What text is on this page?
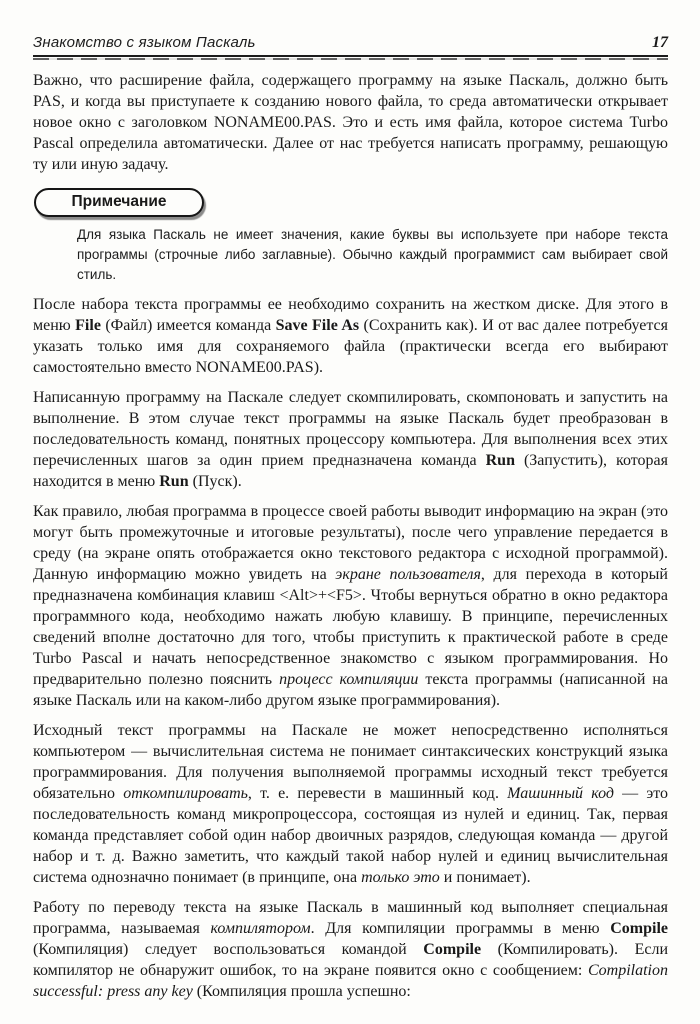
Знакомство с языком Паскаль	17

Важно, что расширение файла, содержащего программу на языке Паскаль, должно быть PAS, и когда вы приступаете к созданию нового файла, то среда автоматически открывает новое окно с заголовком NONAME00.PAS. Это и есть имя файла, которое система Turbo Pascal определила автоматически. Далее от нас требуется написать программу, решающую ту или иную задачу.

Примечание

Для языка Паскаль не имеет значения, какие буквы вы используете при наборе текста программы (строчные либо заглавные). Обычно каждый программист сам выбирает свой стиль.

После набора текста программы ее необходимо сохранить на жестком диске. Для этого в меню File (Файл) имеется команда Save File As (Сохранить как). И от вас далее потребуется указать только имя для сохраняемого файла (практически всегда его выбирают самостоятельно вместо NONAME00.PAS).

Написанную программу на Паскале следует скомпилировать, скомпоновать и запустить на выполнение. В этом случае текст программы на языке Паскаль будет преобразован в последовательность команд, понятных процессору компьютера. Для выполнения всех этих перечисленных шагов за один прием предназначена команда Run (Запустить), которая находится в меню Run (Пуск).

Как правило, любая программа в процессе своей работы выводит информацию на экран (это могут быть промежуточные и итоговые результаты), после чего управление передается в среду (на экране опять отображается окно текстового редактора с исходной программой). Данную информацию можно увидеть на экране пользователя, для перехода в который предназначена комбинация клавиш <Alt>+<F5>. Чтобы вернуться обратно в окно редактора программного кода, необходимо нажать любую клавишу. В принципе, перечисленных сведений вполне достаточно для того, чтобы приступить к практической работе в среде Turbo Pascal и начать непосредственное знакомство с языком программирования. Но предварительно полезно пояснить процесс компиляции текста программы (написанной на языке Паскаль или на каком-либо другом языке программирования).

Исходный текст программы на Паскале не может непосредственно исполняться компьютером — вычислительная система не понимает синтаксических конструкций языка программирования. Для получения выполняемой программы исходный текст требуется обязательно откомпилировать, т. е. перевести в машинный код. Машинный код — это последовательность команд микропроцессора, состоящая из нулей и единиц. Так, первая команда представляет собой один набор двоичных разрядов, следующая команда — другой набор и т. д. Важно заметить, что каждый такой набор нулей и единиц вычислительная система однозначно понимает (в принципе, она только это и понимает).

Работу по переводу текста на языке Паскаль в машинный код выполняет специальная программа, называемая компилятором. Для компиляции программы в меню Compile (Компиляция) следует воспользоваться командой Compile (Компилировать). Если компилятор не обнаружит ошибок, то на экране появится окно с сообщением: Compilation successful: press any key (Компиляция прошла успешно:
